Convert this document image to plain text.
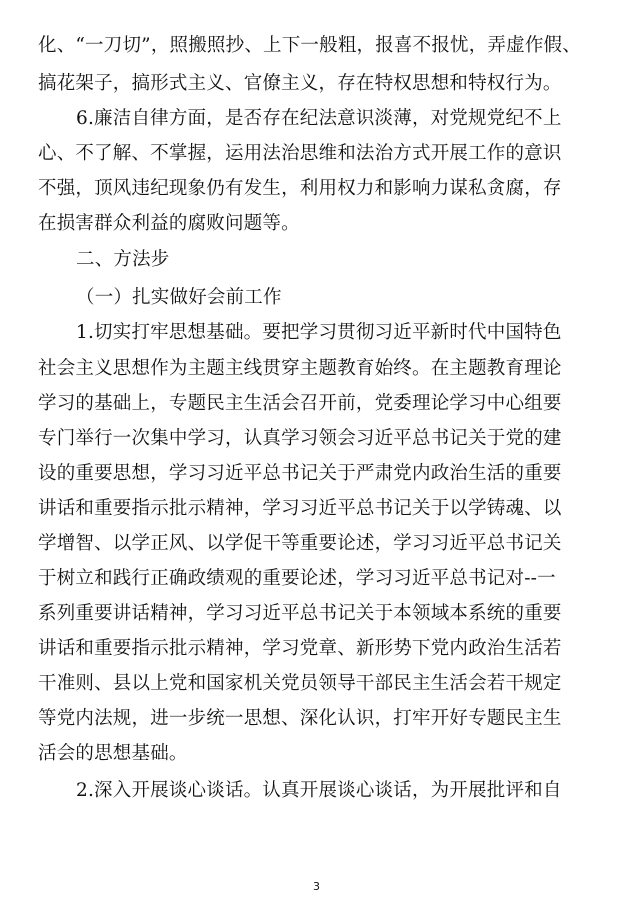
化、“一刀切”，照搬照抄、上下一般粗，报喜不报忧，弄虚作假、
搞花架子，搞形式主义、官僚主义，存在特权思想和特权行为。
6.廉洁自律方面，是否存在纪法意识淡薄，对党规党纪不上
心、不了解、不掌握，运用法治思维和法治方式开展工作的意识
不强，顶风违纪现象仍有发生，利用权力和影响力谋私贪腐，存
在损害群众利益的腐败问题等。
二、方法步
（一）扎实做好会前工作
1.切实打牢思想基础。要把学习贯彻习近平新时代中国特色
社会主义思想作为主题主线贯穿主题教育始终。在主题教育理论
学习的基础上，专题民主生活会召开前，党委理论学习中心组要
专门举行一次集中学习，认真学习领会习近平总书记关于党的建
设的重要思想，学习习近平总书记关于严肃党内政治生活的重要
讲话和重要指示批示精神，学习习近平总书记关于以学铸魂、以
学增智、以学正风、以学促干等重要论述，学习习近平总书记关
于树立和践行正确政绩观的重要论述，学习习近平总书记对--一
系列重要讲话精神，学习习近平总书记关于本领域本系统的重要
讲话和重要指示批示精神，学习党章、新形势下党内政治生活若
干准则、县以上党和国家机关党员领导干部民主生活会若干规定
等党内法规，进一步统一思想、深化认识，打牢开好专题民主生
活会的思想基础。
2.深入开展谈心谈话。认真开展谈心谈话，为开展批评和自
3
